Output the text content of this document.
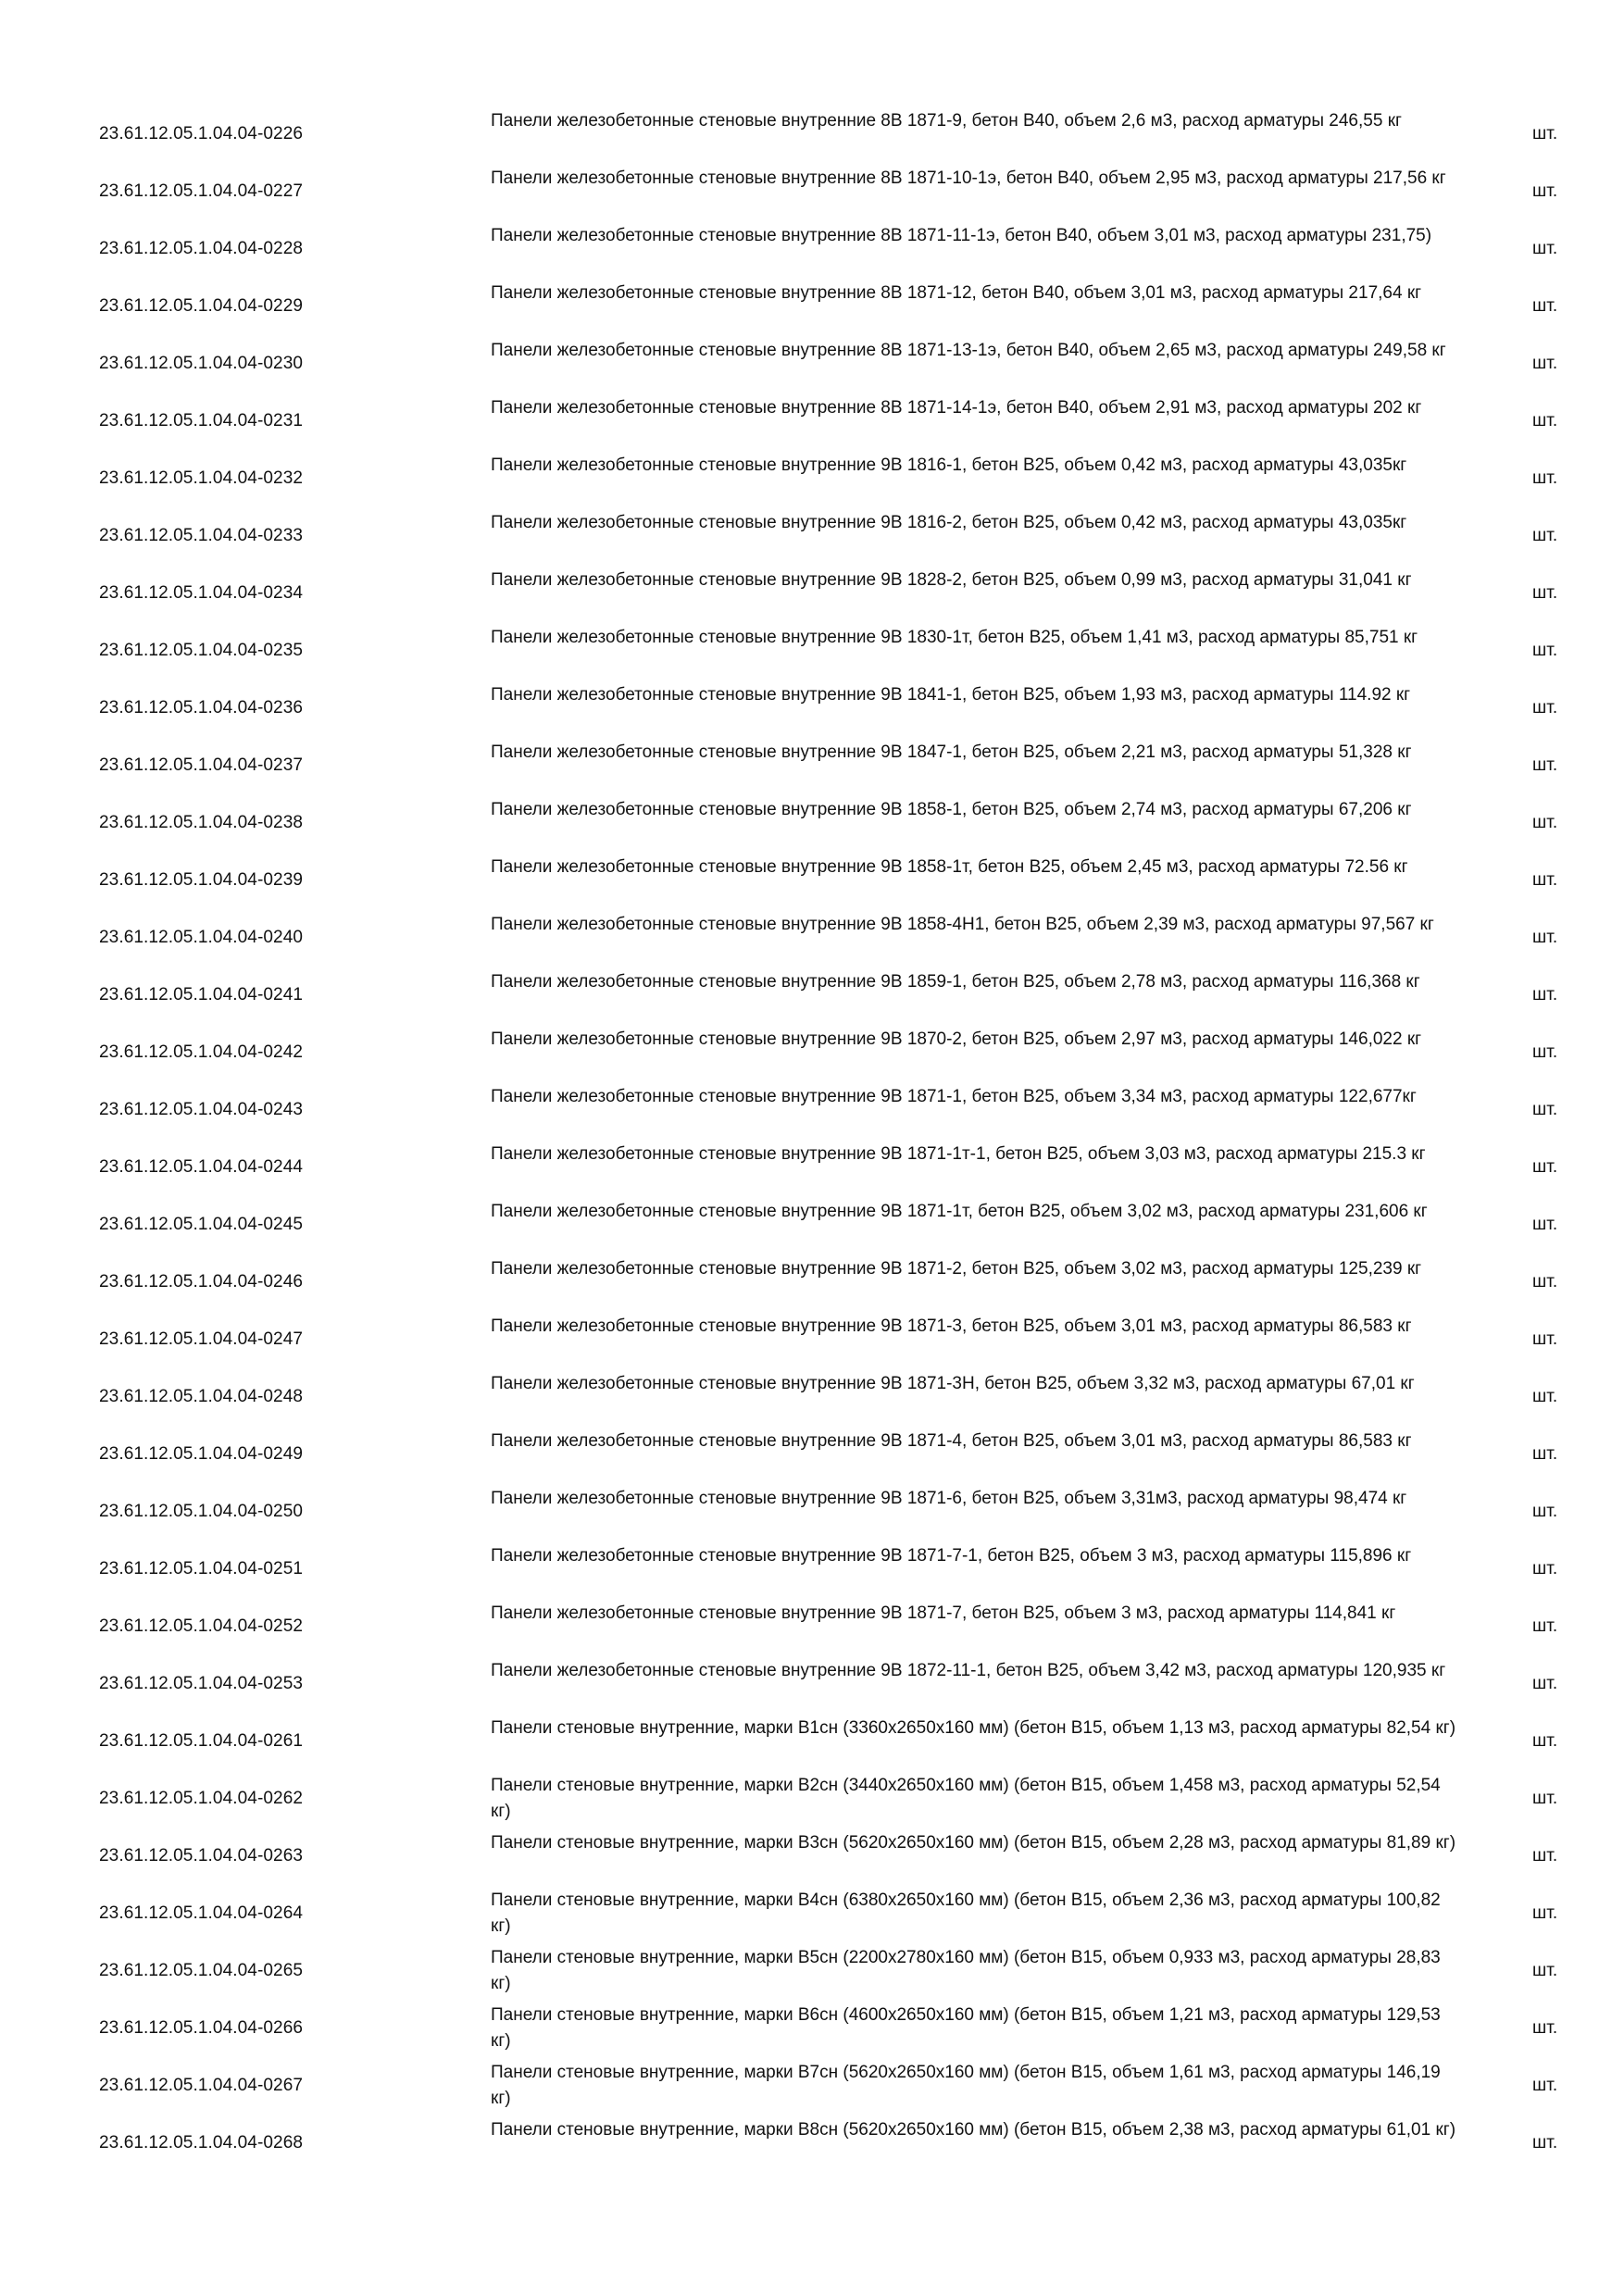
23.61.12.05.1.04.04-0226
Панели железобетонные стеновые внутренние 8В 1871-9, бетон В40, объем 2,6 м3, расход арматуры 246,55 кг
шт.
23.61.12.05.1.04.04-0227
Панели железобетонные стеновые внутренние 8В 1871-10-1э, бетон В40, объем 2,95 м3, расход арматуры 217,56 кг
шт.
23.61.12.05.1.04.04-0228
Панели железобетонные стеновые внутренние 8В 1871-11-1э, бетон В40, объем 3,01 м3, расход арматуры 231,75)
шт.
23.61.12.05.1.04.04-0229
Панели железобетонные стеновые внутренние 8В 1871-12, бетон В40, объем 3,01 м3, расход арматуры 217,64 кг
шт.
23.61.12.05.1.04.04-0230
Панели железобетонные стеновые внутренние 8В 1871-13-1э, бетон В40, объем 2,65 м3, расход арматуры 249,58 кг
шт.
23.61.12.05.1.04.04-0231
Панели железобетонные стеновые внутренние 8В 1871-14-1э, бетон В40, объем 2,91 м3, расход арматуры 202 кг
шт.
23.61.12.05.1.04.04-0232
Панели железобетонные стеновые внутренние 9В 1816-1, бетон В25, объем 0,42 м3, расход арматуры 43,035кг
шт.
23.61.12.05.1.04.04-0233
Панели железобетонные стеновые внутренние 9В 1816-2, бетон В25, объем 0,42 м3, расход арматуры 43,035кг
шт.
23.61.12.05.1.04.04-0234
Панели железобетонные стеновые внутренние 9В 1828-2, бетон В25, объем 0,99 м3, расход арматуры 31,041 кг
шт.
23.61.12.05.1.04.04-0235
Панели железобетонные стеновые внутренние 9В 1830-1т, бетон В25, объем 1,41 м3, расход арматуры 85,751 кг
шт.
23.61.12.05.1.04.04-0236
Панели железобетонные стеновые внутренние 9В 1841-1, бетон В25, объем 1,93 м3, расход арматуры 114.92 кг
шт.
23.61.12.05.1.04.04-0237
Панели железобетонные стеновые внутренние 9В 1847-1, бетон В25, объем 2,21 м3, расход арматуры 51,328 кг
шт.
23.61.12.05.1.04.04-0238
Панели железобетонные стеновые внутренние 9В 1858-1, бетон В25, объем 2,74 м3, расход арматуры 67,206 кг
шт.
23.61.12.05.1.04.04-0239
Панели железобетонные стеновые внутренние 9В 1858-1т, бетон В25, объем 2,45 м3, расход арматуры 72.56 кг
шт.
23.61.12.05.1.04.04-0240
Панели железобетонные стеновые внутренние 9В 1858-4Н1, бетон В25, объем 2,39 м3, расход арматуры 97,567 кг
шт.
23.61.12.05.1.04.04-0241
Панели железобетонные стеновые внутренние 9В 1859-1, бетон В25, объем 2,78 м3, расход арматуры 116,368 кг
шт.
23.61.12.05.1.04.04-0242
Панели железобетонные стеновые внутренние 9В 1870-2, бетон В25, объем 2,97 м3, расход арматуры 146,022 кг
шт.
23.61.12.05.1.04.04-0243
Панели железобетонные стеновые внутренние 9В 1871-1, бетон В25, объем 3,34 м3, расход арматуры 122,677кг
шт.
23.61.12.05.1.04.04-0244
Панели железобетонные стеновые внутренние 9В 1871-1т-1, бетон В25, объем 3,03 м3, расход арматуры 215.3 кг
шт.
23.61.12.05.1.04.04-0245
Панели железобетонные стеновые внутренние 9В 1871-1т, бетон В25, объем 3,02 м3, расход арматуры 231,606 кг
шт.
23.61.12.05.1.04.04-0246
Панели железобетонные стеновые внутренние 9В 1871-2, бетон В25, объем 3,02 м3, расход арматуры 125,239 кг
шт.
23.61.12.05.1.04.04-0247
Панели железобетонные стеновые внутренние 9В 1871-3, бетон В25, объем 3,01 м3, расход арматуры 86,583 кг
шт.
23.61.12.05.1.04.04-0248
Панели железобетонные стеновые внутренние 9В 1871-3Н, бетон В25, объем 3,32 м3, расход арматуры 67,01 кг
шт.
23.61.12.05.1.04.04-0249
Панели железобетонные стеновые внутренние 9В 1871-4, бетон В25, объем 3,01 м3, расход арматуры 86,583 кг
шт.
23.61.12.05.1.04.04-0250
Панели железобетонные стеновые внутренние 9В 1871-6, бетон В25, объем 3,31м3, расход арматуры 98,474 кг
шт.
23.61.12.05.1.04.04-0251
Панели железобетонные стеновые внутренние 9В 1871-7-1, бетон В25, объем 3 м3, расход арматуры 115,896 кг
шт.
23.61.12.05.1.04.04-0252
Панели железобетонные стеновые внутренние 9В 1871-7, бетон В25, объем 3 м3, расход арматуры 114,841 кг
шт.
23.61.12.05.1.04.04-0253
Панели железобетонные стеновые внутренние 9В 1872-11-1, бетон В25, объем 3,42 м3, расход арматуры 120,935 кг
шт.
23.61.12.05.1.04.04-0261
Панели стеновые внутренние, марки В1сн (3360х2650х160 мм) (бетон В15, объем 1,13 м3, расход арматуры 82,54 кг)
шт.
23.61.12.05.1.04.04-0262
Панели стеновые внутренние, марки В2сн (3440х2650х160 мм) (бетон В15, объем 1,458 м3, расход арматуры 52,54 кг)
шт.
23.61.12.05.1.04.04-0263
Панели стеновые внутренние, марки В3сн (5620х2650х160 мм) (бетон В15, объем 2,28 м3, расход арматуры 81,89 кг)
шт.
23.61.12.05.1.04.04-0264
Панели стеновые внутренние, марки В4сн (6380х2650х160 мм) (бетон В15, объем 2,36 м3, расход арматуры 100,82 кг)
шт.
23.61.12.05.1.04.04-0265
Панели стеновые внутренние, марки В5сн (2200х2780х160 мм) (бетон В15, объем 0,933 м3, расход арматуры 28,83 кг)
шт.
23.61.12.05.1.04.04-0266
Панели стеновые внутренние, марки В6сн (4600х2650х160 мм) (бетон В15, объем 1,21 м3, расход арматуры 129,53 кг)
шт.
23.61.12.05.1.04.04-0267
Панели стеновые внутренние, марки В7сн (5620х2650х160 мм) (бетон В15, объем 1,61 м3, расход арматуры 146,19 кг)
шт.
23.61.12.05.1.04.04-0268
Панели стеновые внутренние, марки В8сн (5620х2650х160 мм) (бетон В15, объем 2,38 м3, расход арматуры 61,01 кг)
шт.
